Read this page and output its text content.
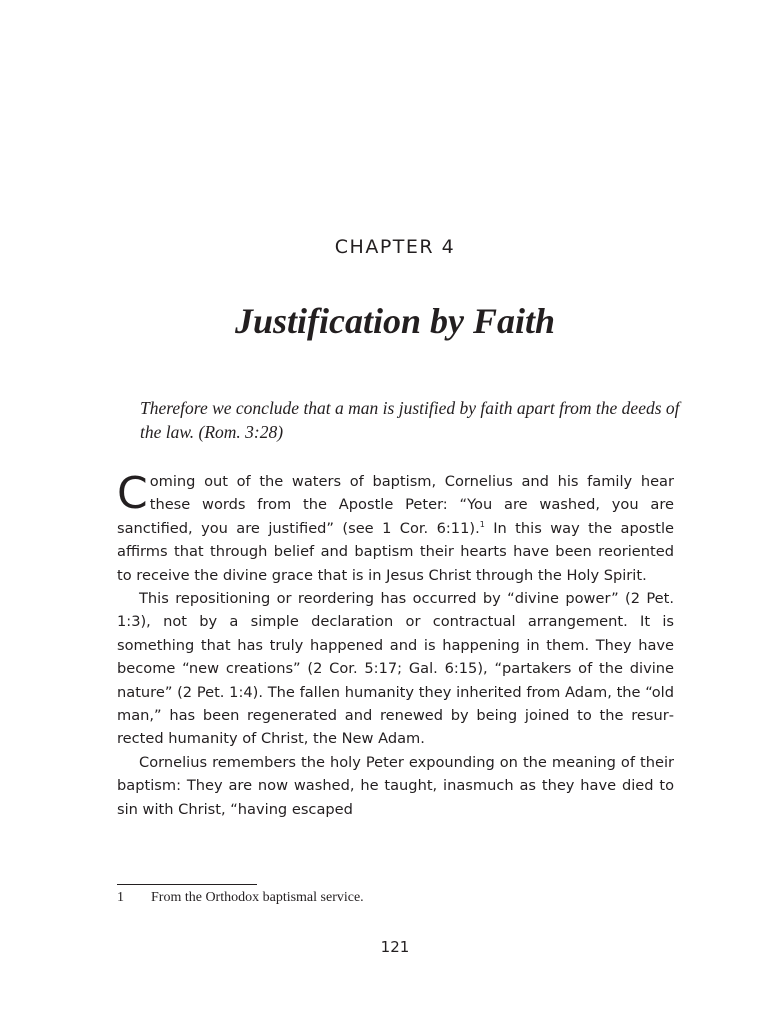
CHAPTER 4
Justification by Faith
Therefore we conclude that a man is justified by faith apart from the deeds of the law. (Rom. 3:28)

Coming out of the waters of baptism, Cornelius and his family hear these words from the Apostle Peter: “You are washed, you are sanctified, you are justified” (see 1 Cor. 6:11).$^1$ In this way the apostle affirms that through belief and baptism their hearts have been reoriented to receive the divine grace that is in Jesus Christ through the Holy Spirit.

This repositioning or reordering has occurred by “divine power” (2 Pet. 1:3), not by a simple declaration or contractual arrangement. It is something that has truly happened and is happening in them. They have become “new creations” (2 Cor. 5:17; Gal. 6:15), “partakers of the divine nature” (2 Pet. 1:4). The fallen humanity they inherited from Adam, the “old man,” has been regenerated and renewed by being joined to the resurrected humanity of Christ, the New Adam.

Cornelius remembers the holy Peter expounding on the meaning of their baptism: They are now washed, he taught, inasmuch as they have died to sin with Christ, “having escaped

1 From the Orthodox baptismal service.
121
